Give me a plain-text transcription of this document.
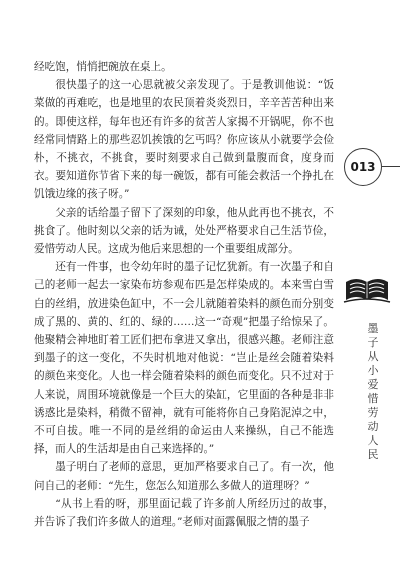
经吃饱，悄悄把碗放在桌上。

很快墨子的这一心思就被父亲发现了。于是教训他说：“饭菜做的再难吃，也是地里的农民顶着炎炎烈日，辛辛苦苦种出来的。即使这样，每年也还有许多的贫苦人家揭不开锅呢，你不也经常同情路上的那些忍饥挨饿的乞丐吗？你应该从小就要学会俭朴，不挑衣，不挑食，要时刻要求自己做到量腹而食，度身而衣。要知道你节省下来的每一碗饭，都有可能会救活一个挣扎在饥饿边缘的孩子呀。”

父亲的话给墨子留下了深刻的印象，他从此再也不挑衣，不挑食了。他时刻以父亲的话为诫，处处严格要求自己生活节俭，爱惜劳动人民。这成为他后来思想的一个重要组成部分。

还有一件事，也令幼年时的墨子记忆犹新。有一次墨子和自己的老师一起去一家染布坊参观布匹是怎样染成的。本来雪白雪白的丝绢，放进染色缸中，不一会儿就随着染料的颜色而分别变成了黑的、黄的、红的、绿的……这一“奇观”把墨子给惊呆了。他聚精会神地盯着工匠们把布拿进又拿出，很感兴趣。老师注意到墨子的这一变化，不失时机地对他说：“岂止是丝会随着染料的颜色来变化。人也一样会随着染料的颜色而变化。只不过对于人来说，周围环境就像是一个巨大的染缸，它里面的各种是非非诱惑比是染料，稍微不留神，就有可能将你自己身陷泥淖之中，不可自拔。唯一不同的是丝绢的命运由人来操纵，自己不能选择，而人的生活却是由自己来选择的。”

墨子明白了老师的意思，更加严格要求自己了。有一次，他问自己的老师：“先生，您怎么知道那么多做人的道理呀？”

“从书上看的呀，那里面记载了许多前人所经历过的故事，并告诉了我们许多做人的道理。”老师对面露佩服之情的墨子

013
墨
子
从
小
爱
惜
劳
动
人
民
